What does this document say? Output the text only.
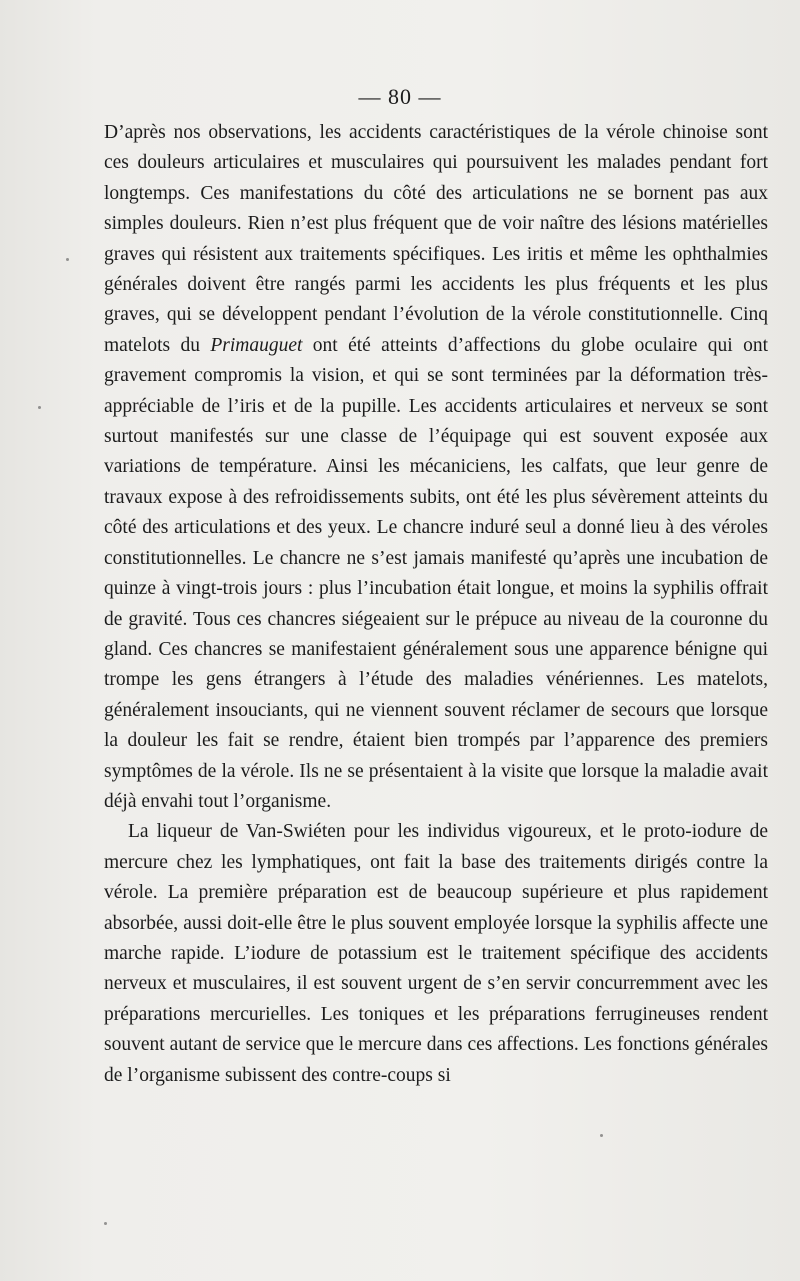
— 80 —

D’après nos observations, les accidents caractéristiques de la vérole chinoise sont ces douleurs articulaires et musculaires qui poursuivent les malades pendant fort longtemps. Ces manifestations du côté des articulations ne se bornent pas aux simples douleurs. Rien n’est plus fréquent que de voir naître des lésions matérielles graves qui résistent aux traitements spécifiques. Les iritis et même les ophthalmies générales doivent être rangés parmi les accidents les plus fréquents et les plus graves, qui se développent pendant l’évolution de la vérole constitutionnelle. Cinq matelots du Primauguet ont été atteints d’affections du globe oculaire qui ont gravement compromis la vision, et qui se sont terminées par la déformation très-appréciable de l’iris et de la pupille. Les accidents articulaires et nerveux se sont surtout manifestés sur une classe de l’équipage qui est souvent exposée aux variations de température. Ainsi les mécaniciens, les calfats, que leur genre de travaux expose à des refroidissements subits, ont été les plus sévèrement atteints du côté des articulations et des yeux. Le chancre induré seul a donné lieu à des véroles constitutionnelles. Le chancre ne s’est jamais manifesté qu’après une incubation de quinze à vingt-trois jours : plus l’incubation était longue, et moins la syphilis offrait de gravité. Tous ces chancres siégeaient sur le prépuce au niveau de la couronne du gland. Ces chancres se manifestaient généralement sous une apparence bénigne qui trompe les gens étrangers à l’étude des maladies vénériennes. Les matelots, généralement insouciants, qui ne viennent souvent réclamer de secours que lorsque la douleur les fait se rendre, étaient bien trompés par l’apparence des premiers symptômes de la vérole. Ils ne se présentaient à la visite que lorsque la maladie avait déjà envahi tout l’organisme.

La liqueur de Van-Swiéten pour les individus vigoureux, et le proto-iodure de mercure chez les lymphatiques, ont fait la base des traitements dirigés contre la vérole. La première préparation est de beaucoup supérieure et plus rapidement absorbée, aussi doit-elle être le plus souvent employée lorsque la syphilis affecte une marche rapide. L’iodure de potassium est le traitement spécifique des accidents nerveux et musculaires, il est souvent urgent de s’en servir concurremment avec les préparations mercurielles. Les toniques et les préparations ferrugineuses rendent souvent autant de service que le mercure dans ces affections. Les fonctions générales de l’organisme subissent des contre-coups si
